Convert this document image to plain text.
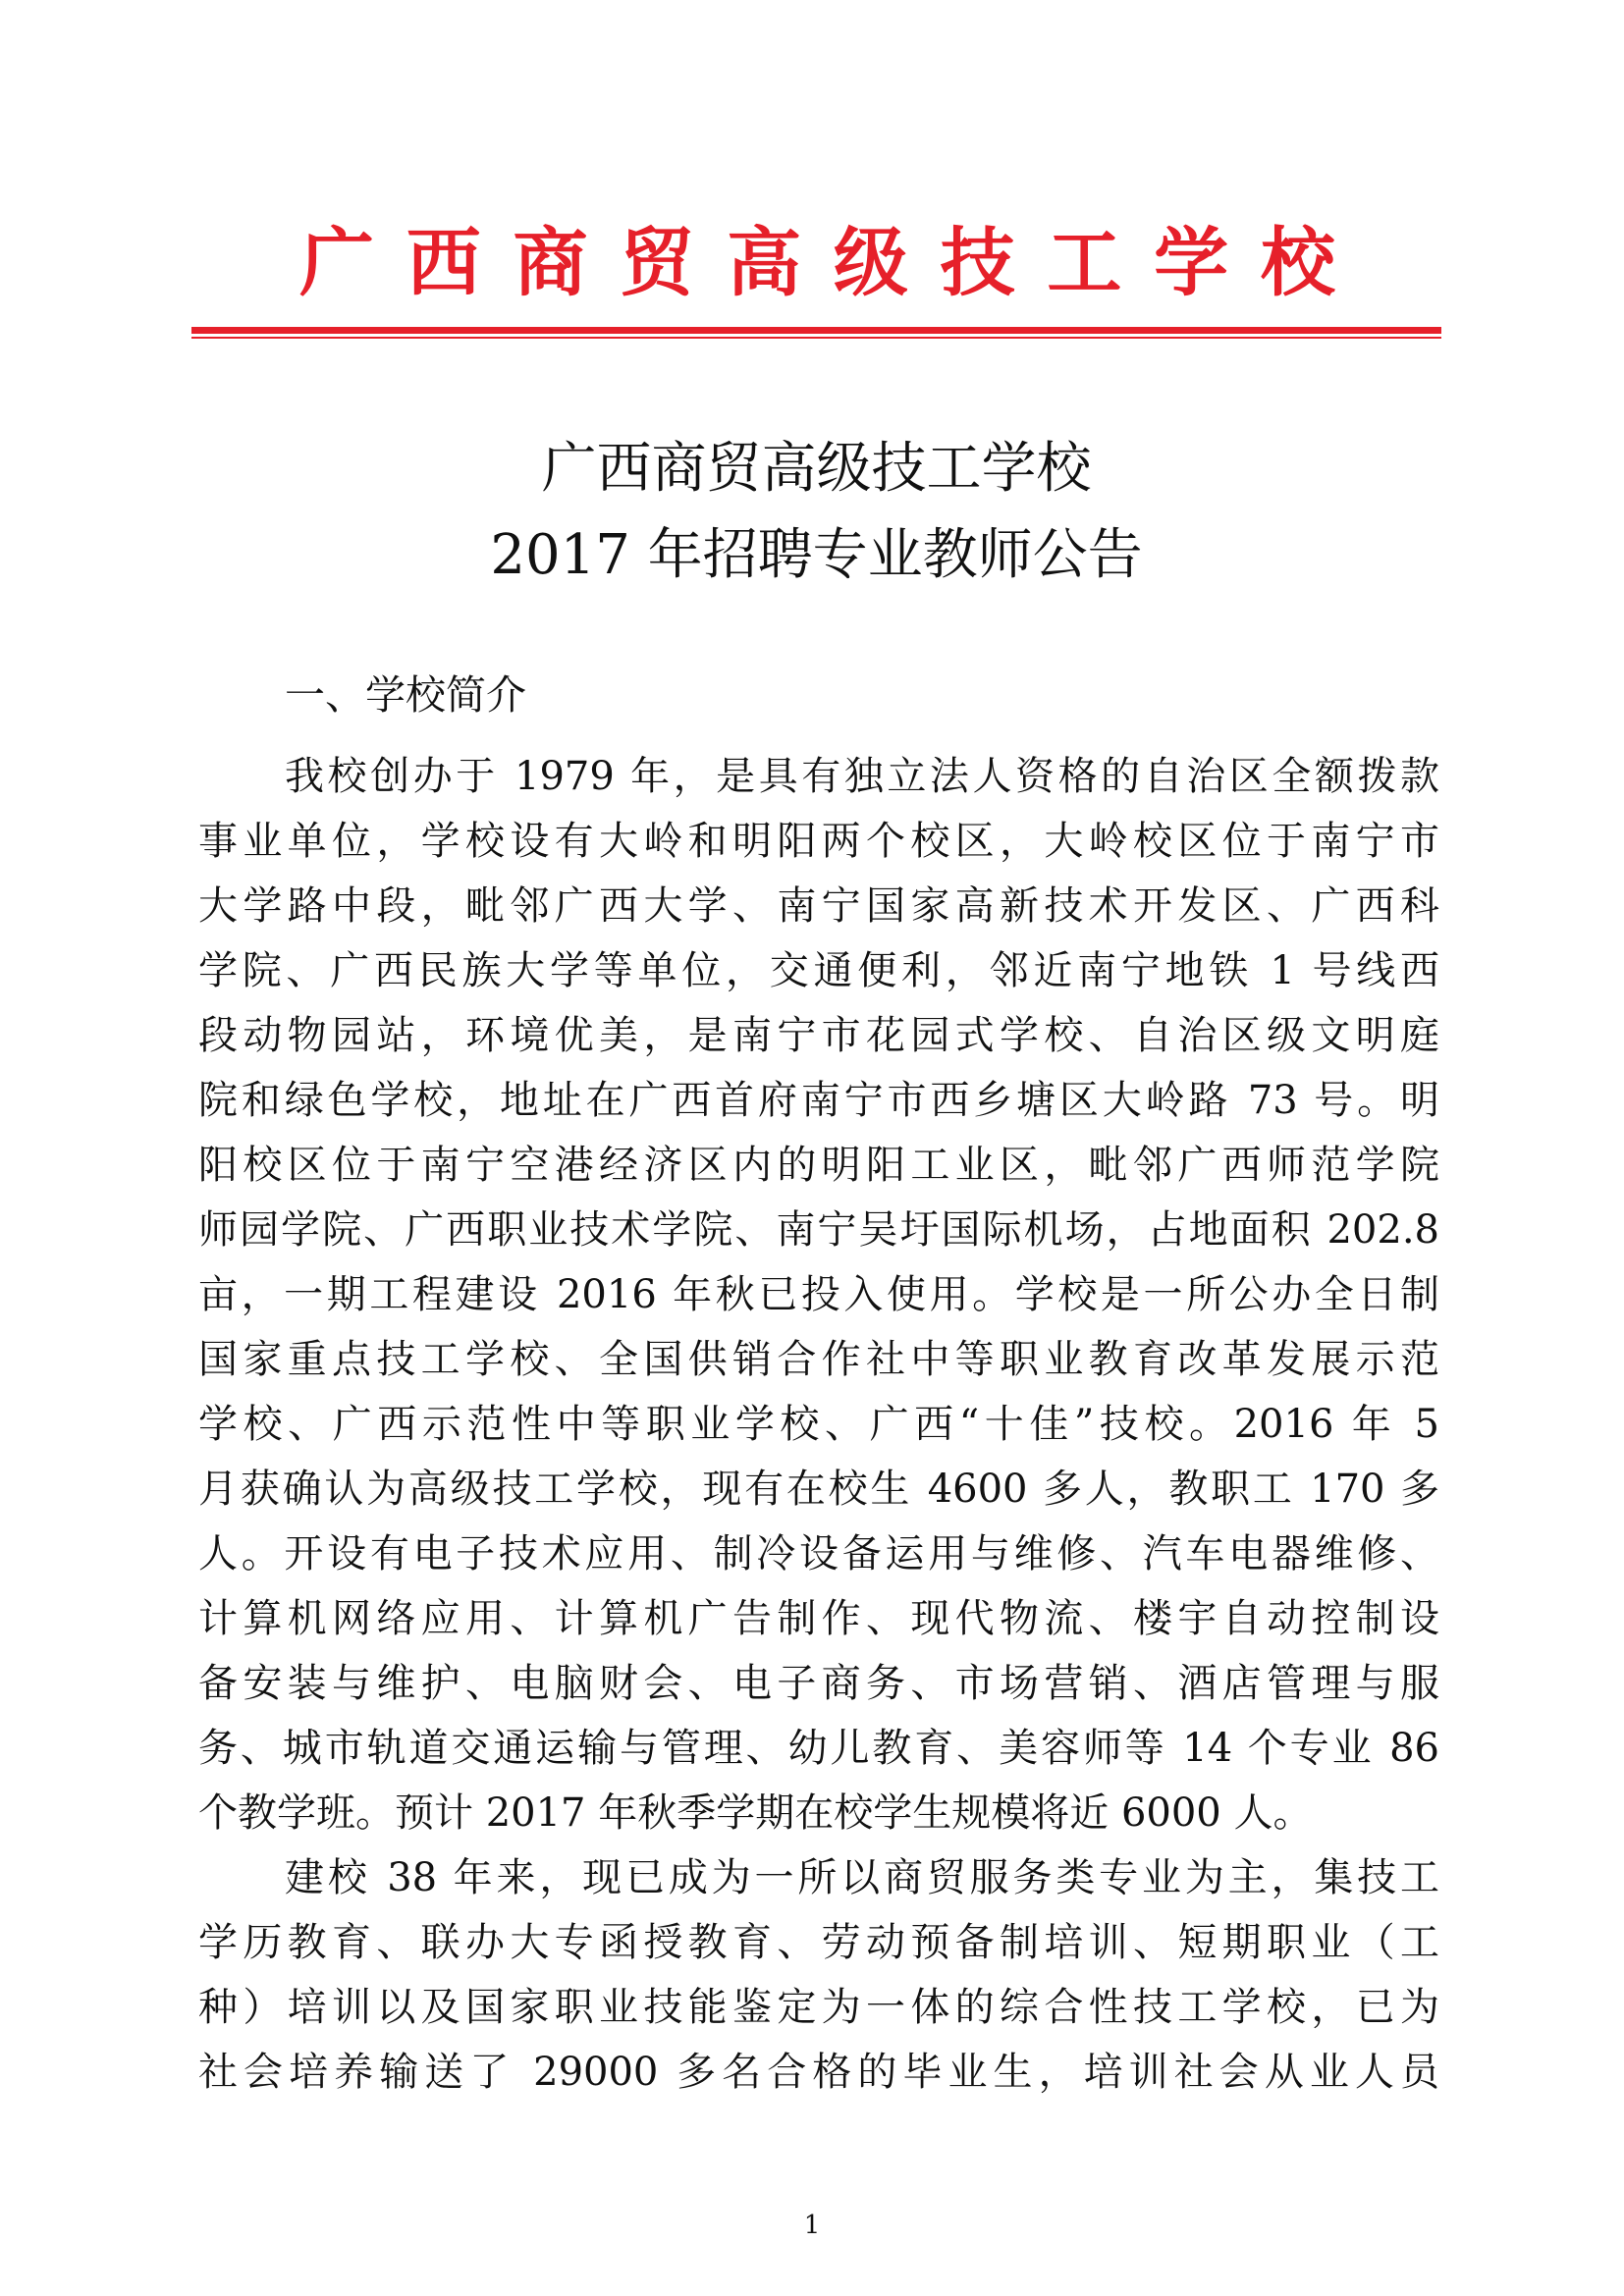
广 西 商 贸 高 级 技 工 学 校
广西商贸高级技工学校
2017 年招聘专业教师公告
一、学校简介
我校创办于 1979 年，是具有独立法人资格的自治区全额拨款
事业单位，学校设有大岭和明阳两个校区，大岭校区位于南宁市
大学路中段，毗邻广西大学、南宁国家高新技术开发区、广西科
学院、广西民族大学等单位，交通便利，邻近南宁地铁 1 号线西
段动物园站，环境优美，是南宁市花园式学校、自治区级文明庭
院和绿色学校，地址在广西首府南宁市西乡塘区大岭路 73 号。明
阳校区位于南宁空港经济区内的明阳工业区，毗邻广西师范学院
师园学院、广西职业技术学院、南宁吴圩国际机场，占地面积 202.8
亩，一期工程建设 2016 年秋已投入使用。学校是一所公办全日制
国家重点技工学校、全国供销合作社中等职业教育改革发展示范
学校、广西示范性中等职业学校、广西“十佳”技校。2016 年 5
月获确认为高级技工学校，现有在校生 4600 多人，教职工 170 多
人。开设有电子技术应用、制冷设备运用与维修、汽车电器维修、
计算机网络应用、计算机广告制作、现代物流、楼宇自动控制设
备安装与维护、电脑财会、电子商务、市场营销、酒店管理与服
务、城市轨道交通运输与管理、幼儿教育、美容师等 14 个专业 86
个教学班。预计 2017 年秋季学期在校学生规模将近 6000 人。
建校 38 年来，现已成为一所以商贸服务类专业为主，集技工
学历教育、联办大专函授教育、劳动预备制培训、短期职业（工
种）培训以及国家职业技能鉴定为一体的综合性技工学校，已为
社会培养输送了 29000 多名合格的毕业生，培训社会从业人员
1
